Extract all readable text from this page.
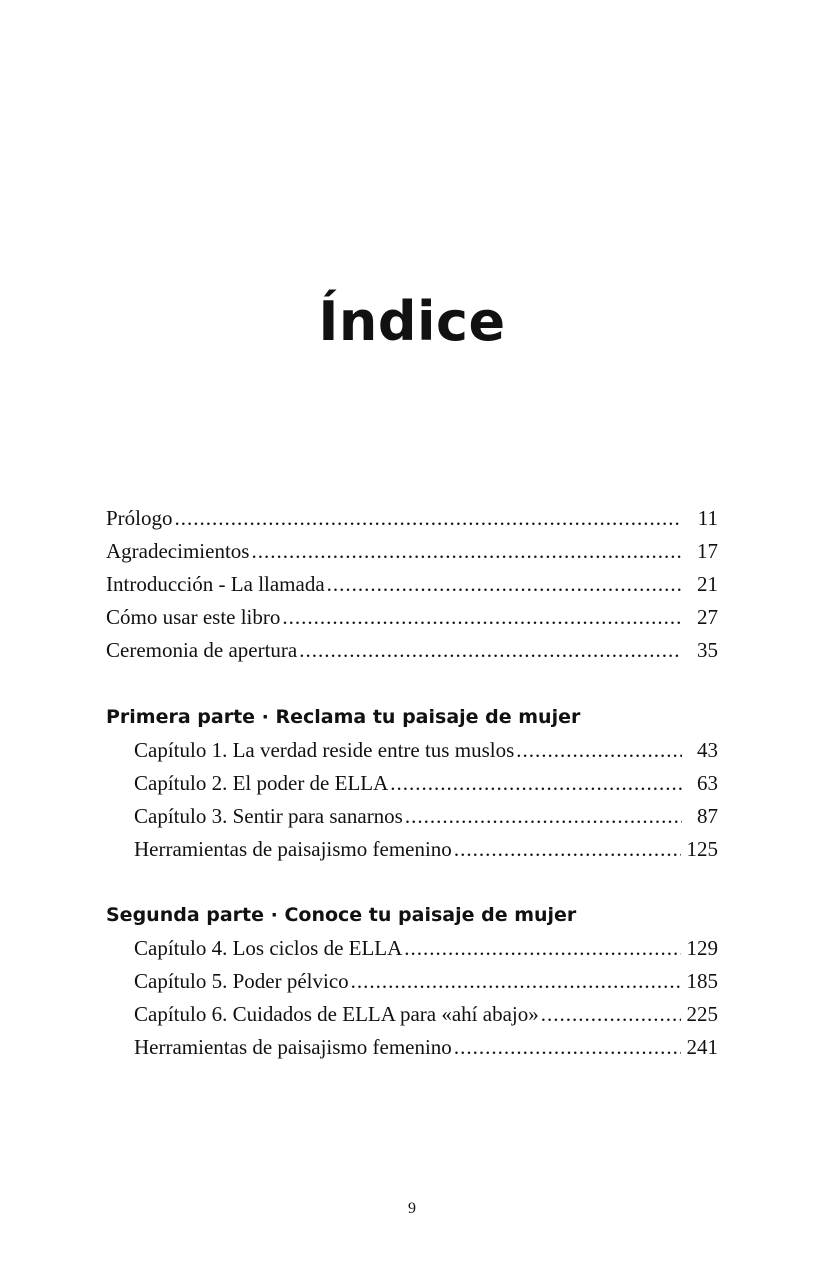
Índice
Prólogo .....	11
Agradecimientos .....	17
Introducción - La llamada .....	21
Cómo usar este libro .....	27
Ceremonia de apertura .....	35
Primera parte · Reclama tu paisaje de mujer
Capítulo 1. La verdad reside entre tus muslos .....	43
Capítulo 2. El poder de ELLA .....	63
Capítulo 3. Sentir para sanarnos .....	87
Herramientas de paisajismo femenino .....	125
Segunda parte · Conoce tu paisaje de mujer
Capítulo 4. Los ciclos de ELLA .....	129
Capítulo 5. Poder pélvico .....	185
Capítulo 6. Cuidados de ELLA para «ahí abajo» .....	225
Herramientas de paisajismo femenino .....	241
9
